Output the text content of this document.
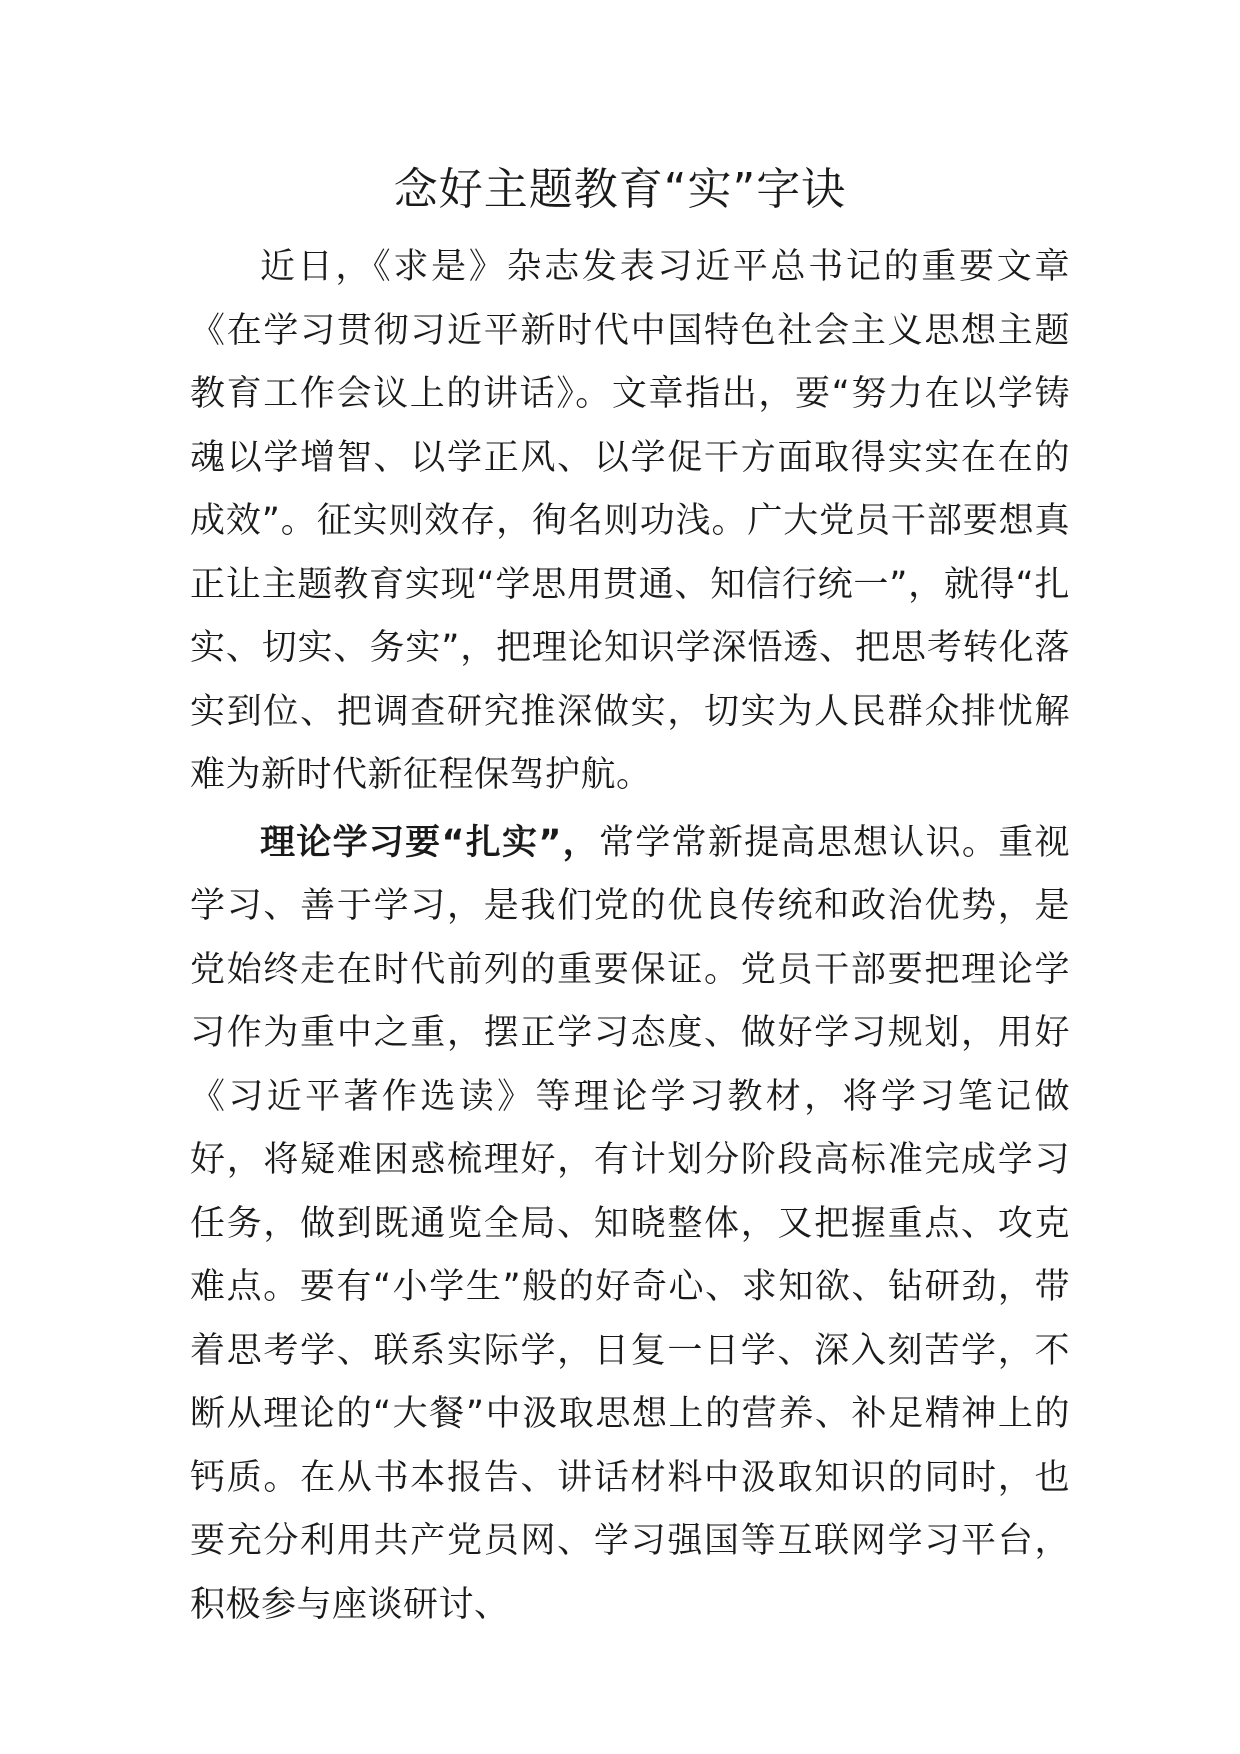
念好主题教育“实”字诀

近日，《求是》杂志发表习近平总书记的重要文章《在学习贯彻习近平新时代中国特色社会主义思想主题教育工作会议上的讲话》。文章指出，要“努力在以学铸魂以学增智、以学正风、以学促干方面取得实实在在的成效”。征实则效存，徇名则功浅。广大党员干部要想真正让主题教育实现“学思用贯通、知信行统一”，就得“扎实、切实、务实”，把理论知识学深悟透、把思考转化落实到位、把调查研究推深做实，切实为人民群众排忧解难为新时代新征程保驾护航。

理论学习要“扎实”，常学常新提高思想认识。重视学习、善于学习，是我们党的优良传统和政治优势，是党始终走在时代前列的重要保证。党员干部要把理论学习作为重中之重，摆正学习态度、做好学习规划，用好《习近平著作选读》等理论学习教材，将学习笔记做好，将疑难困惑梳理好，有计划分阶段高标准完成学习任务，做到既通览全局、知晓整体，又把握重点、攻克难点。要有“小学生”般的好奇心、求知欲、钻研劲，带着思考学、联系实际学，日复一日学、深入刻苦学，不断从理论的“大餐”中汲取思想上的营养、补足精神上的钙质。在从书本报告、讲话材料中汲取知识的同时，也要充分利用共产党员网、学习强国等互联网学习平台，积极参与座谈研讨、
